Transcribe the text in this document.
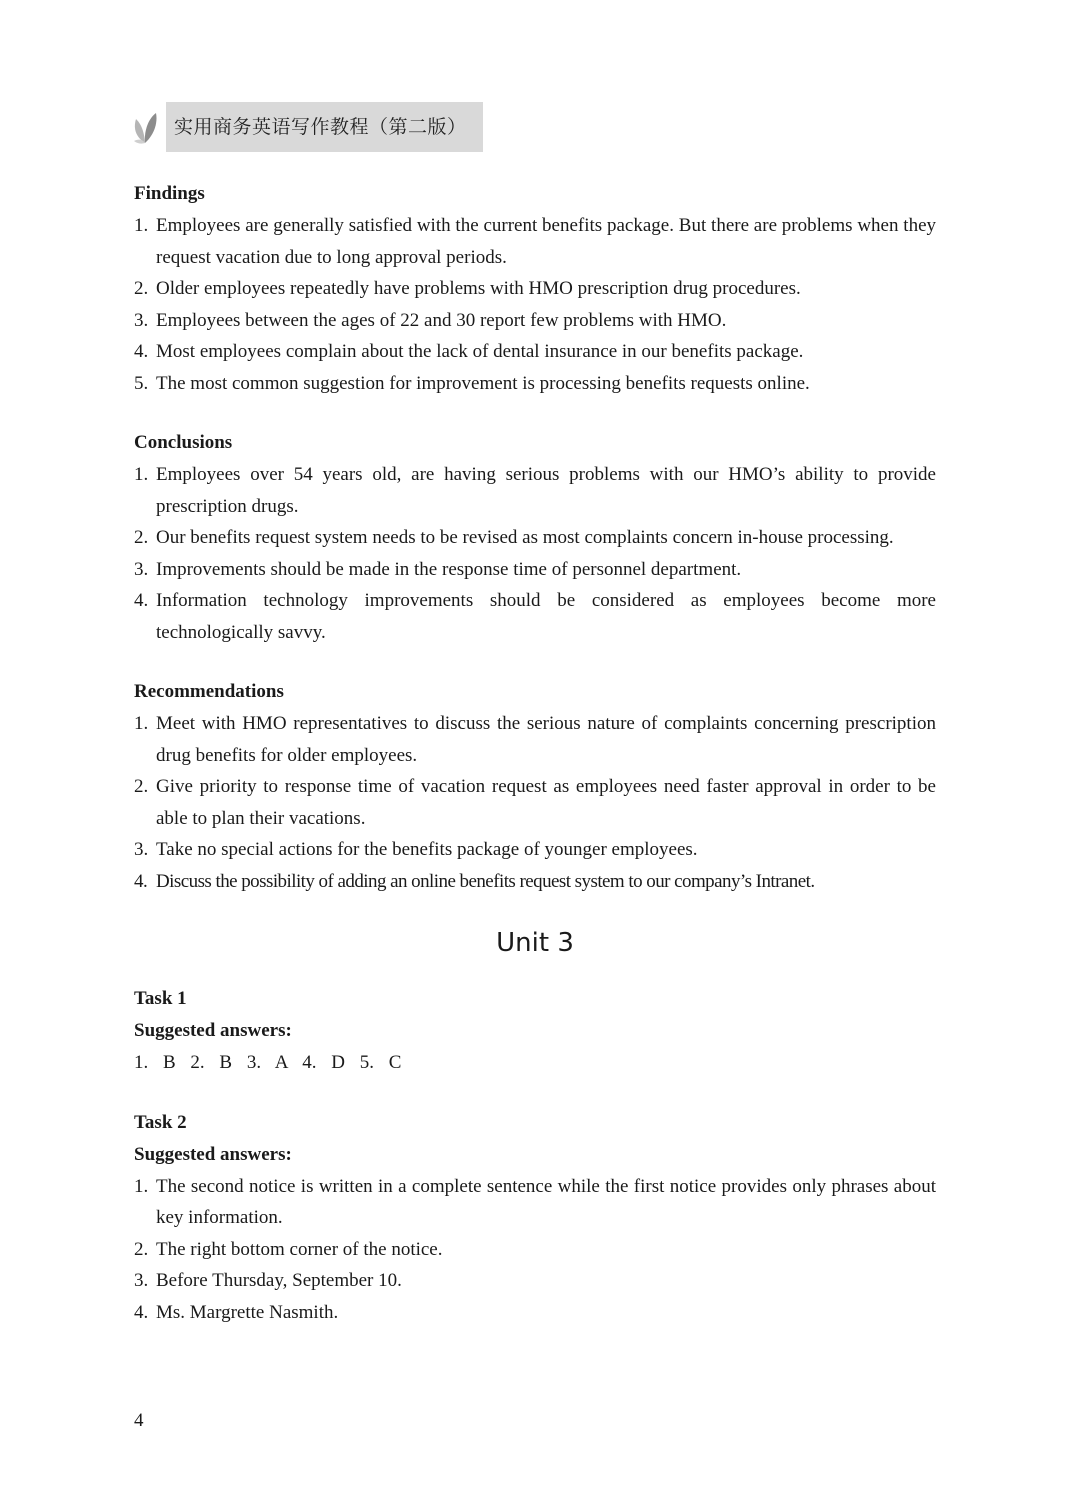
实用商务英语写作教程（第二版）
Findings
1. Employees are generally satisfied with the current benefits package. But there are problems when they request vacation due to long approval periods.
2. Older employees repeatedly have problems with HMO prescription drug procedures.
3. Employees between the ages of 22 and 30 report few problems with HMO.
4. Most employees complain about the lack of dental insurance in our benefits package.
5. The most common suggestion for improvement is processing benefits requests online.
Conclusions
1. Employees over 54 years old, are having serious problems with our HMO’s ability to provide prescription drugs.
2. Our benefits request system needs to be revised as most complaints concern in-house processing.
3. Improvements should be made in the response time of personnel department.
4. Information technology improvements should be considered as employees become more technologically savvy.
Recommendations
1. Meet with HMO representatives to discuss the serious nature of complaints concerning prescription drug benefits for older employees.
2. Give priority to response time of vacation request as employees need faster approval in order to be able to plan their vacations.
3. Take no special actions for the benefits package of younger employees.
4. Discuss the possibility of adding an online benefits request system to our company’s Intranet.
Unit 3
Task 1
Suggested answers:
1. B 2. B 3. A 4. D 5. C
Task 2
Suggested answers:
1. The second notice is written in a complete sentence while the first notice provides only phrases about key information.
2. The right bottom corner of the notice.
3. Before Thursday, September 10.
4. Ms. Margrette Nasmith.
4
